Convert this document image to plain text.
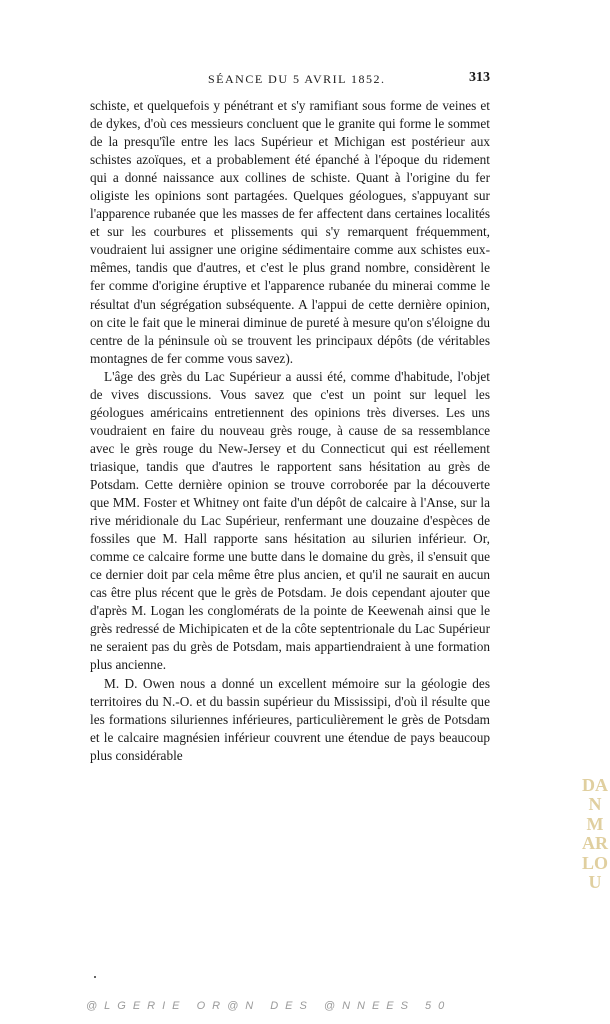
SÉANCE DU 5 AVRIL 1852.	313

schiste, et quelquefois y pénétrant et s'y ramifiant sous forme de veines et de dykes, d'où ces messieurs concluent que le granite qui forme le sommet de la presqu'île entre les lacs Supérieur et Michigan est postérieur aux schistes azoïques, et a probablement été épanché à l'époque du ridement qui a donné naissance aux collines de schiste. Quant à l'origine du fer oligiste les opinions sont partagées. Quelques géologues, s'appuyant sur l'apparence rubanée que les masses de fer affectent dans certaines localités et sur les courbures et plissements qui s'y remarquent fréquemment, voudraient lui assigner une origine sédimentaire comme aux schistes eux-mêmes, tandis que d'autres, et c'est le plus grand nombre, considèrent le fer comme d'origine éruptive et l'apparence rubanée du minerai comme le résultat d'un ségrégation subséquente. A l'appui de cette dernière opinion, on cite le fait que le minerai diminue de pureté à mesure qu'on s'éloigne du centre de la péninsule où se trouvent les principaux dépôts (de véritables montagnes de fer comme vous savez).

L'âge des grès du Lac Supérieur a aussi été, comme d'habitude, l'objet de vives discussions. Vous savez que c'est un point sur lequel les géologues américains entretiennent des opinions très diverses. Les uns voudraient en faire du nouveau grès rouge, à cause de sa ressemblance avec le grès rouge du New-Jersey et du Connecticut qui est réellement triasique, tandis que d'autres le rapportent sans hésitation au grès de Potsdam. Cette dernière opinion se trouve corroborée par la découverte que MM. Foster et Whitney ont faite d'un dépôt de calcaire à l'Anse, sur la rive méridionale du Lac Supérieur, renfermant une douzaine d'espèces de fossiles que M. Hall rapporte sans hésitation au silurien inférieur. Or, comme ce calcaire forme une butte dans le domaine du grès, il s'ensuit que ce dernier doit par cela même être plus ancien, et qu'il ne saurait en aucun cas être plus récent que le grès de Potsdam. Je dois cependant ajouter que d'après M. Logan les conglomérats de la pointe de Keewenah ainsi que le grès redressé de Michipicaten et de la côte septentrionale du Lac Supérieur ne seraient pas du grès de Potsdam, mais appartiendraient à une formation plus ancienne.

M. D. Owen nous a donné un excellent mémoire sur la géologie des territoires du N.-O. et du bassin supérieur du Mississipi, d'où il résulte que les formations siluriennes inférieures, particulièrement le grès de Potsdam et le calcaire magnésien inférieur couvrent une étendue de pays beaucoup plus considérable

DANMARLOU
@LGERIE OR@N DES @NNEES 50
